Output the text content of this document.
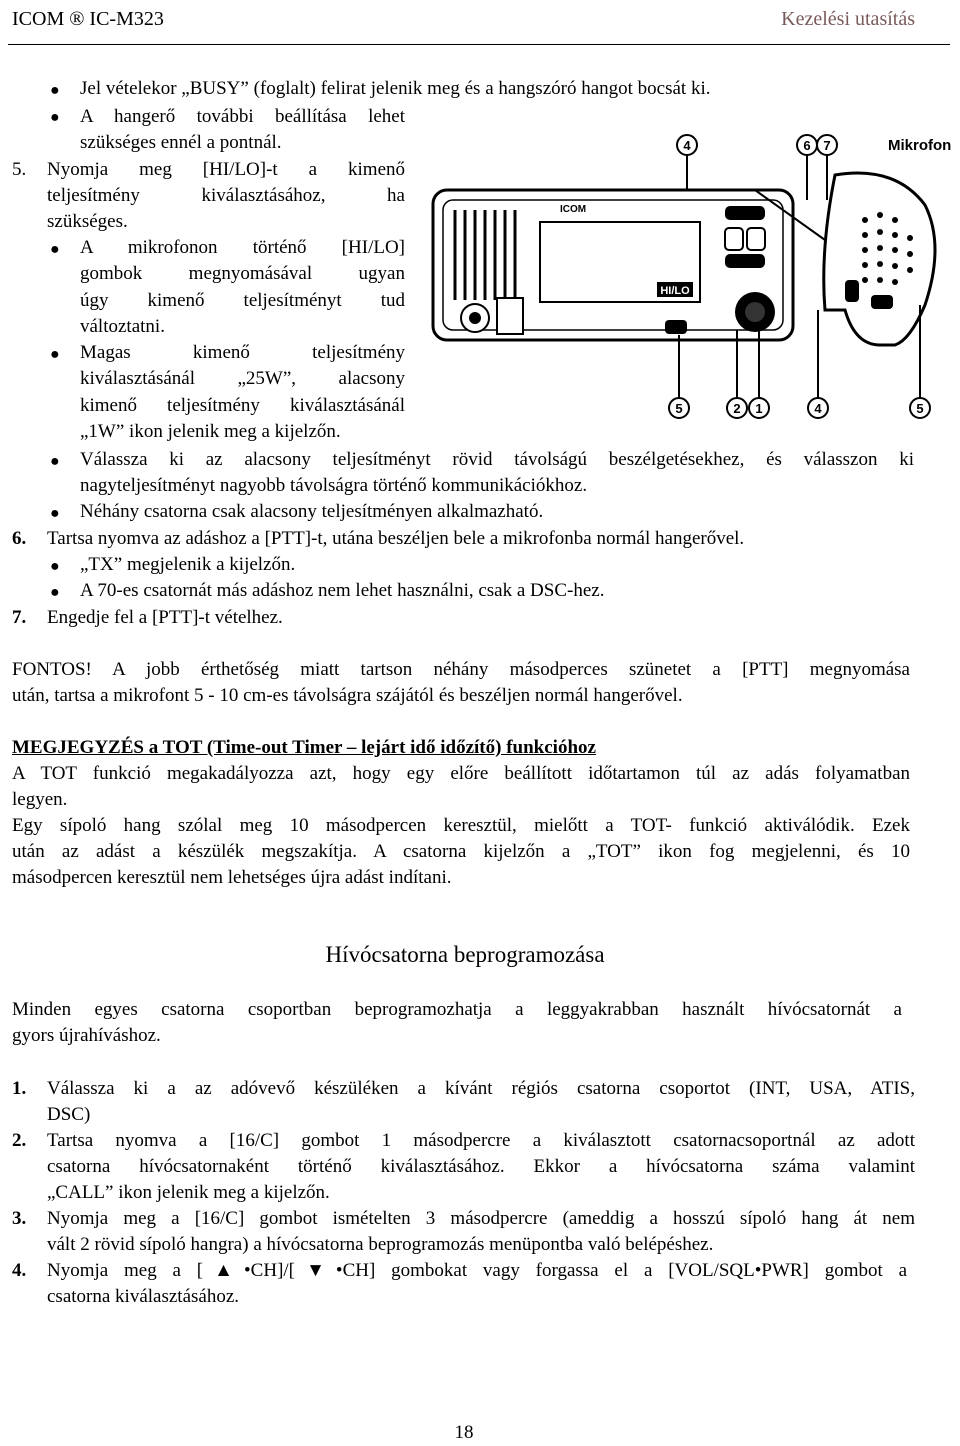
ICOM ® IC-M323	Kezelési utasítás
● Jel vételekor „BUSY” (foglalt) felirat jelenik meg és a hangszóró hangot bocsát ki.
● A hangerő további beállítása lehet
szükséges ennél a pontnál.
5. Nyomja meg [HI/LO]-t a kimenő
teljesítmény kiválasztásához, ha
szükséges.
● A mikrofonon történő [HI/LO]
gombok megnyomásával ugyan
úgy kimenő teljesítményt tud
változtatni.
● Magas kimenő teljesítmény
kiválasztásánál „25W”, alacsony
kimenő teljesítmény kiválasztásánál
„1W” ikon jelenik meg a kijelzőn.
4	6 7	Mikrofon
ICOM
HI/LO
5	2 1	4	5
● Válassza ki az alacsony teljesítményt rövid távolságú beszélgetésekhez, és válasszon ki
nagyteljesítményt nagyobb távolságra történő kommunikációkhoz.
● Néhány csatorna csak alacsony teljesítményen alkalmazható.
6. Tartsa nyomva az adáshoz a [PTT]-t, utána beszéljen bele a mikrofonba normál hangerővel.
● „TX” megjelenik a kijelzőn.
● A 70-es csatornát más adáshoz nem lehet használni, csak a DSC-hez.
7. Engedje fel a [PTT]-t vételhez.
FONTOS! A jobb érthetőség miatt tartson néhány másodperces szünetet a [PTT] megnyomása
után, tartsa a mikrofont 5 - 10 cm-es távolságra szájától és beszéljen normál hangerővel.
MEGJEGYZÉS a TOT (Time-out Timer – lejárt idő időzítő) funkcióhoz
A TOT funkció megakadályozza azt, hogy egy előre beállított időtartamon túl az adás folyamatban
legyen.
Egy sípoló hang szólal meg 10 másodpercen keresztül, mielőtt a TOT- funkció aktiválódik. Ezek
után az adást a készülék megszakítja. A csatorna kijelzőn a „TOT” ikon fog megjelenni, és 10
másodpercen keresztül nem lehetséges újra adást indítani.
Hívócsatorna beprogramozása
Minden egyes csatorna csoportban beprogramozhatja a leggyakrabban használt hívócsatornát a
gyors újrahíváshoz.
1. Válassza ki a az adóvevő készüléken a kívánt régiós csatorna csoportot (INT, USA, ATIS,
DSC)
2. Tartsa nyomva a [16/C] gombot 1 másodpercre a kiválasztott csatornacsoportnál az adott
csatorna hívócsatornaként történő kiválasztásához. Ekkor a hívócsatorna száma valamint
„CALL” ikon jelenik meg a kijelzőn.
3. Nyomja meg a [16/C] gombot ismételten 3 másodpercre (ameddig a hosszú sípoló hang át nem
vált 2 rövid sípoló hangra) a hívócsatorna beprogramozás menüpontba való belépéshez.
4. Nyomja meg a [▲•CH]/[▼•CH] gombokat vagy forgassa el a [VOL/SQL•PWR] gombot a
csatorna kiválasztásához.
18
